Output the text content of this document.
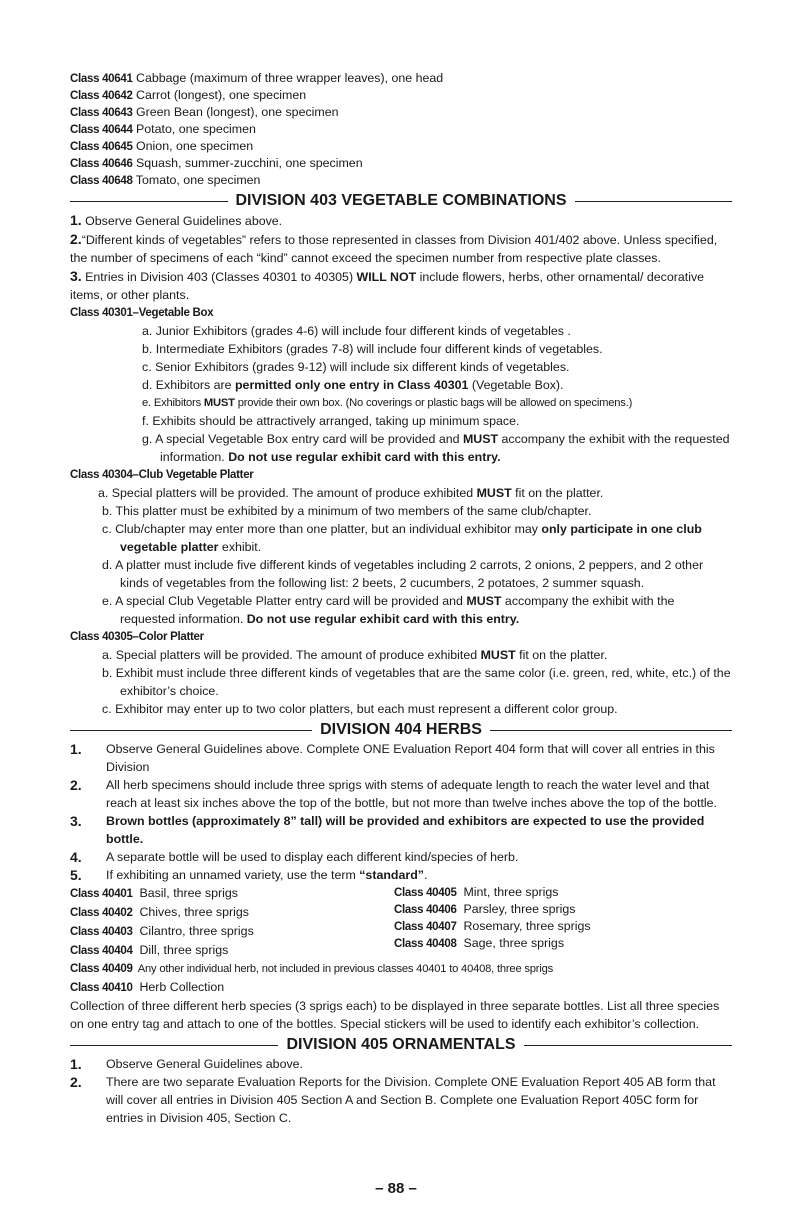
Class 40641 Cabbage (maximum of three wrapper leaves), one head
Class 40642 Carrot (longest), one specimen
Class 40643 Green Bean (longest), one specimen
Class 40644 Potato, one specimen
Class 40645 Onion, one specimen
Class 40646 Squash, summer-zucchini, one specimen
Class 40648 Tomato, one specimen
DIVISION 403 VEGETABLE COMBINATIONS
1. Observe General Guidelines above.
2.“Different kinds of vegetables” refers to those represented in classes from Division 401/402 above. Unless specified, the number of specimens of each “kind” cannot exceed the specimen number from respective plate classes.
3. Entries in Division 403 (Classes 40301 to 40305) WILL NOT include flowers, herbs, other ornamental/ decorative items, or other plants.
Class 40301–Vegetable Box
a. Junior Exhibitors (grades 4-6) will include four different kinds of vegetables .
b. Intermediate Exhibitors (grades 7-8) will include four different kinds of vegetables.
c. Senior Exhibitors (grades 9-12) will include six different kinds of vegetables.
d. Exhibitors are permitted only one entry in Class 40301 (Vegetable Box).
e. Exhibitors MUST provide their own box. (No coverings or plastic bags will be allowed on specimens.)
f. Exhibits should be attractively arranged, taking up minimum space.
g. A special Vegetable Box entry card will be provided and MUST accompany the exhibit with the requested information. Do not use regular exhibit card with this entry.
Class 40304–Club Vegetable Platter
a. Special platters will be provided. The amount of produce exhibited MUST fit on the platter.
b. This platter must be exhibited by a minimum of two members of the same club/chapter.
c. Club/chapter may enter more than one platter, but an individual exhibitor may only participate in one club vegetable platter exhibit.
d. A platter must include five different kinds of vegetables including 2 carrots, 2 onions, 2 peppers, and 2 other kinds of vegetables from the following list: 2 beets, 2 cucumbers, 2 potatoes, 2 summer squash.
e. A special Club Vegetable Platter entry card will be provided and MUST accompany the exhibit with the requested information. Do not use regular exhibit card with this entry.
Class 40305–Color Platter
a. Special platters will be provided. The amount of produce exhibited MUST fit on the platter.
b. Exhibit must include three different kinds of vegetables that are the same color (i.e. green, red, white, etc.) of the exhibitor’s choice.
c. Exhibitor may enter up to two color platters, but each must represent a different color group.
DIVISION 404 HERBS
1.	Observe General Guidelines above. Complete ONE Evaluation Report 404 form that will cover all entries in this Division
2.	All herb specimens should include three sprigs with stems of adequate length to reach the water level and that reach at least six inches above the top of the bottle, but not more than twelve inches above the top of the bottle.
3.	Brown bottles (approximately 8” tall) will be provided and exhibitors are expected to use the provided bottle.
4.	A separate bottle will be used to display each different kind/species of herb.
5.	If exhibiting an unnamed variety, use the term “standard”.
Class 40401 Basil, three sprigs
Class 40402 Chives, three sprigs
Class 40403 Cilantro, three sprigs
Class 40404 Dill, three sprigs
Class 40405 Mint, three sprigs
Class 40406 Parsley, three sprigs
Class 40407 Rosemary, three sprigs
Class 40408 Sage, three sprigs
Class 40409 Any other individual herb, not included in previous classes 40401 to 40408, three sprigs
Class 40410 Herb Collection
Collection of three different herb species (3 sprigs each) to be displayed in three separate bottles. List all three species on one entry tag and attach to one of the bottles. Special stickers will be used to identify each exhibitor’s collection.
DIVISION 405 ORNAMENTALS
1.	Observe General Guidelines above.
2.	There are two separate Evaluation Reports for the Division. Complete ONE Evaluation Report 405 AB form that will cover all entries in Division 405 Section A and Section B. Complete one Evaluation Report 405C form for entries in Division 405, Section C.
– 88 –
